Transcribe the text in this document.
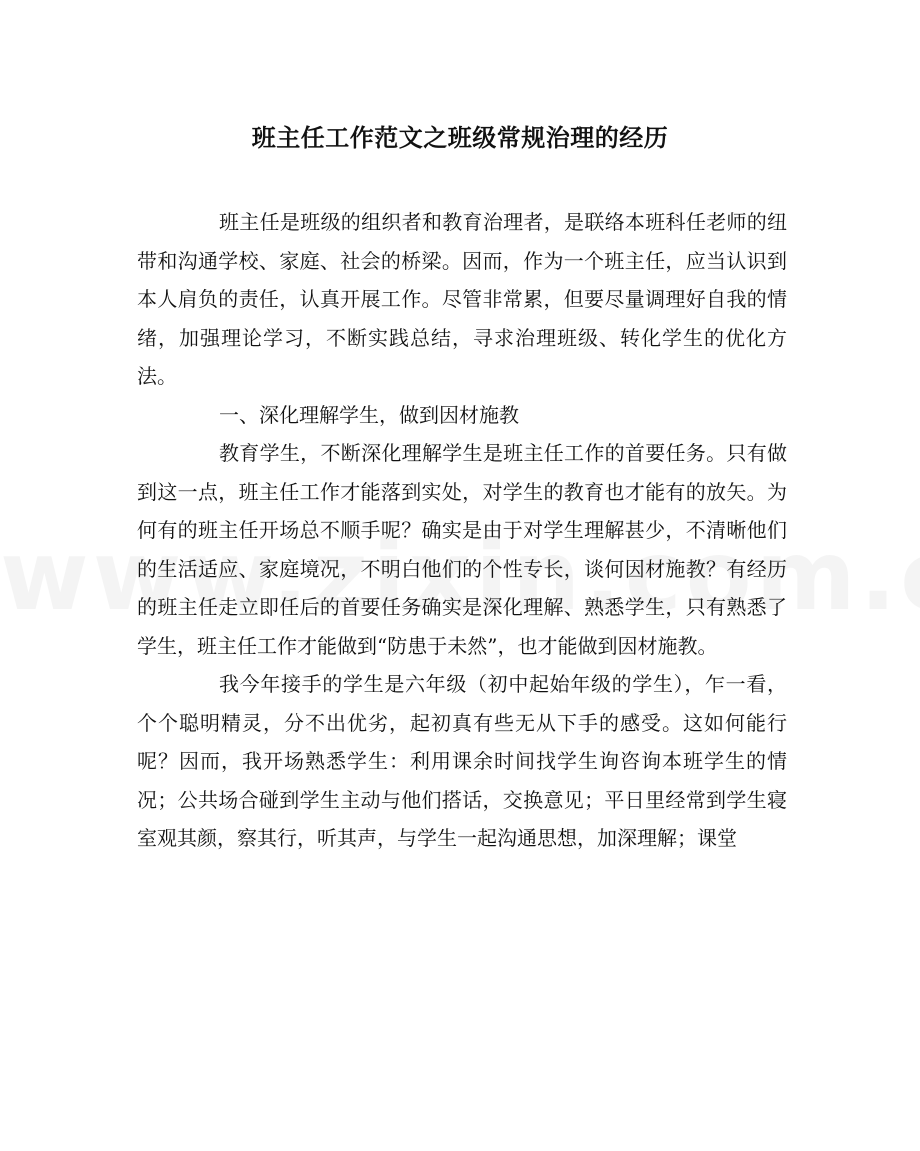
班主任工作范文之班级常规治理的经历

班主任是班级的组织者和教育治理者，是联络本班科任老师的纽带和沟通学校、家庭、社会的桥梁。因而，作为一个班主任，应当认识到本人肩负的责任，认真开展工作。尽管非常累，但要尽量调理好自我的情绪，加强理论学习，不断实践总结，寻求治理班级、转化学生的优化方法。

一、深化理解学生，做到因材施教

教育学生，不断深化理解学生是班主任工作的首要任务。只有做到这一点，班主任工作才能落到实处，对学生的教育也才能有的放矢。为何有的班主任开场总不顺手呢？确实是由于对学生理解甚少，不清晰他们的生活适应、家庭境况，不明白他们的个性专长，谈何因材施教？有经历的班主任走立即任后的首要任务确实是深化理解、熟悉学生，只有熟悉了学生，班主任工作才能做到“防患于未然”，也才能做到因材施教。

我今年接手的学生是六年级（初中起始年级的学生），乍一看，个个聪明精灵，分不出优劣，起初真有些无从下手的感受。这如何能行呢？因而，我开场熟悉学生：利用课余时间找学生询咨询本班学生的情况；公共场合碰到学生主动与他们搭话，交换意见；平日里经常到学生寝室观其颜，察其行，听其声，与学生一起沟通思想，加深理解；课堂
